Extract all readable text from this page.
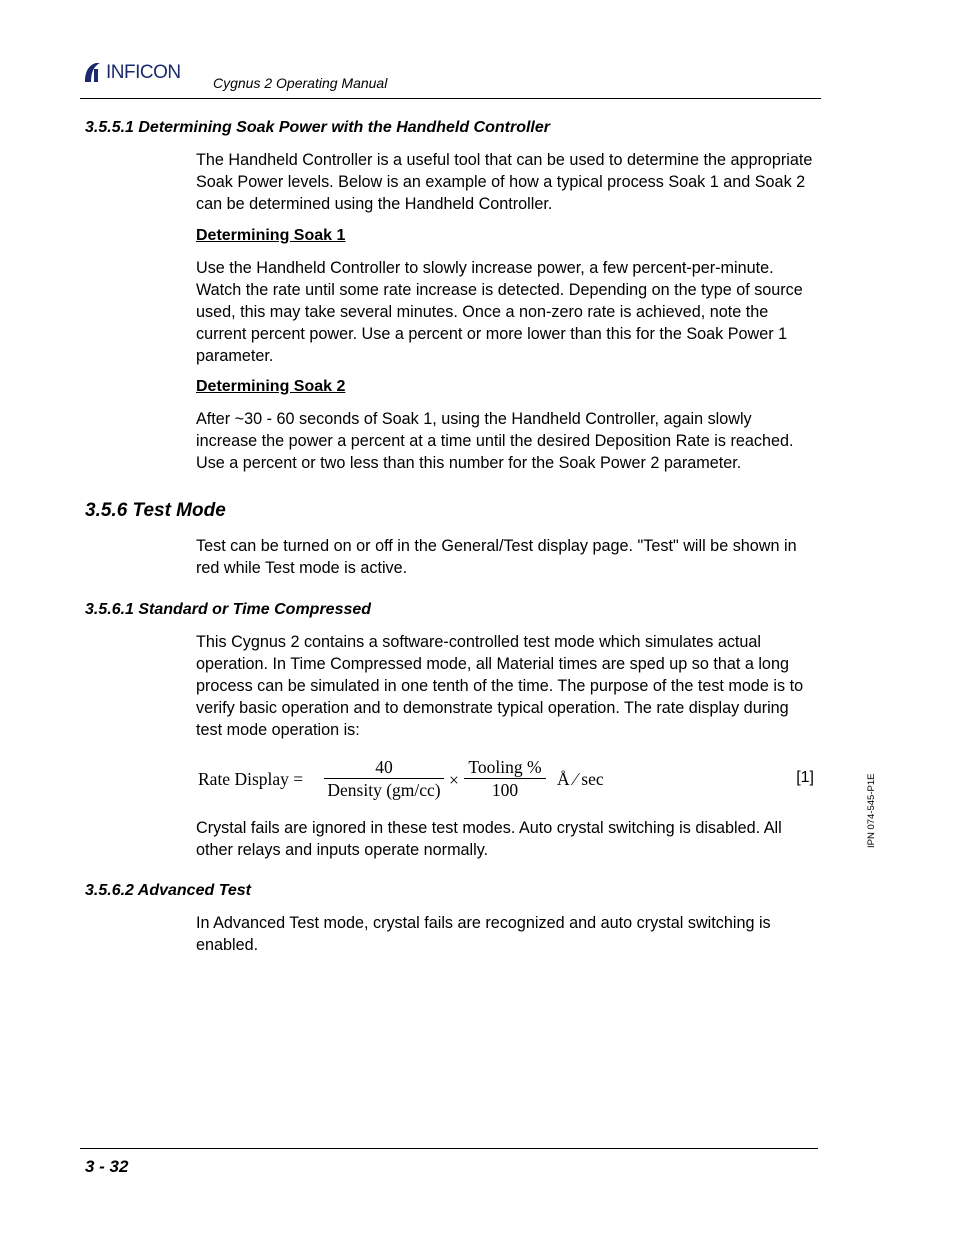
INFICON
Cygnus 2 Operating Manual
3.5.5.1 Determining Soak Power with the Handheld Controller
The Handheld Controller is a useful tool that can be used to determine the appropriate Soak Power levels. Below is an example of how a typical process Soak 1 and Soak 2 can be determined using the Handheld Controller.
Determining Soak 1
Use the Handheld Controller to slowly increase power, a few percent-per-minute. Watch the rate until some rate increase is detected. Depending on the type of source used, this may take several minutes. Once a non-zero rate is achieved, note the current percent power. Use a percent or more lower than this for the Soak Power 1 parameter.
Determining Soak 2
After ~30 - 60 seconds of Soak 1, using the Handheld Controller, again slowly increase the power a percent at a time until the desired Deposition Rate is reached. Use a percent or two less than this number for the Soak Power 2 parameter.
3.5.6 Test Mode
Test can be turned on or off in the General/Test display page. "Test" will be shown in red while Test mode is active.
3.5.6.1 Standard or Time Compressed
This Cygnus 2 contains a software-controlled test mode which simulates actual operation. In Time Compressed mode, all Material times are sped up so that a long process can be simulated in one tenth of the time. The purpose of the test mode is to verify basic operation and to demonstrate typical operation. The rate display during test mode operation is:
Rate Display =
40
Density (gm/cc) ×
Tooling %
100
Å ⁄ sec	[1]
Crystal fails are ignored in these test modes. Auto crystal switching is disabled. All other relays and inputs operate normally.
3.5.6.2 Advanced Test
In Advanced Test mode, crystal fails are recognized and auto crystal switching is enabled.
IPN 074-545-P1E
3 - 32
